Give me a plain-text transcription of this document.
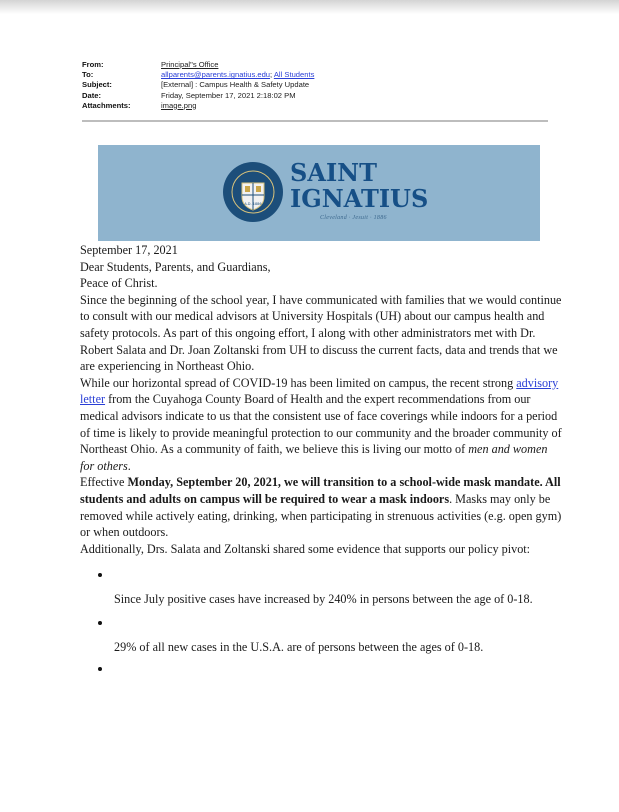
From:	Principal"s Office
To:	allparents@parents.ignatius.edu; All Students
Subject:	[External] : Campus Health & Safety Update
Date:	Friday, September 17, 2021 2:18:02 PM
Attachments:	image.png
A.D. 1886
SAINT
IGNATIUS
Cleveland · Jesuit · 1886

September 17, 2021

Dear Students, Parents, and Guardians,

Peace of Christ.

Since the beginning of the school year, I have communicated with families that we would continue to consult with our medical advisors at University Hospitals (UH) about our campus health and safety protocols. As part of this ongoing effort, I along with other administrators met with Dr. Robert Salata and Dr. Joan Zoltanski from UH to discuss the current facts, data and trends that we are experiencing in Northeast Ohio.

While our horizontal spread of COVID-19 has been limited on campus, the recent strong advisory letter from the Cuyahoga County Board of Health and the expert recommendations from our medical advisors indicate to us that the consistent use of face coverings while indoors for a period of time is likely to provide meaningful protection to our community and the broader community of Northeast Ohio. As a community of faith, we believe this is living our motto of men and women for others.

Effective Monday, September 20, 2021, we will transition to a school-wide mask mandate. All students and adults on campus will be required to wear a mask indoors. Masks may only be removed while actively eating, drinking, when participating in strenuous activities (e.g. open gym) or when outdoors.

Additionally, Drs. Salata and Zoltanski shared some evidence that supports our policy pivot:

Since July positive cases have increased by 240% in persons between the age of 0-18.
29% of all new cases in the U.S.A. are of persons between the ages of 0-18.
